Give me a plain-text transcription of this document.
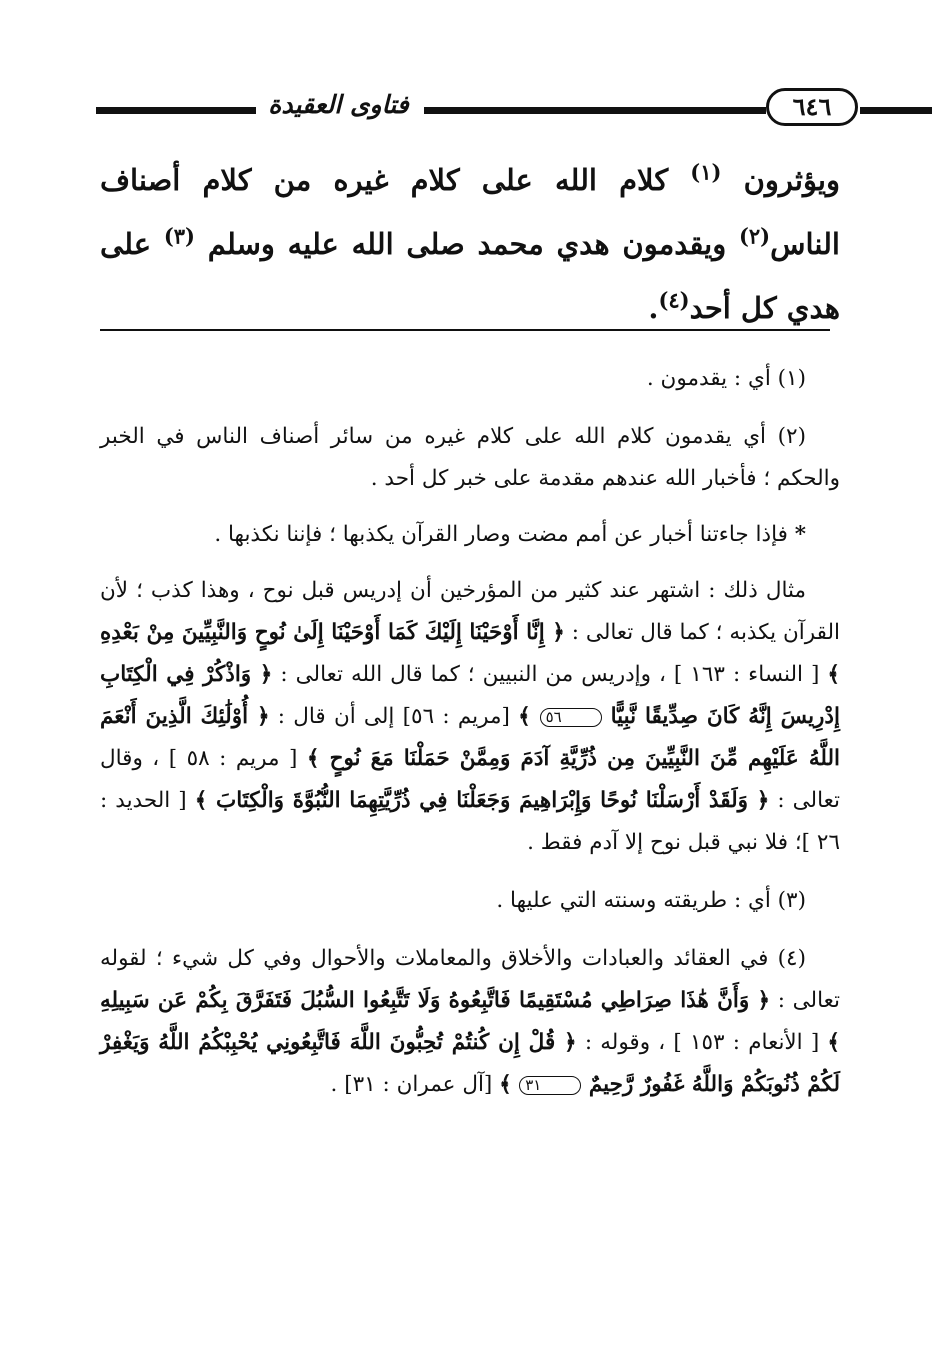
فتاوى العقيدة	٦٤٦
ويؤثرون $^{(١)}$ كلام الله على كلام غيره من كلام أصناف الناس$^{(٢)}$ ويقدمون هدي محمد صلى الله عليه وسلم $^{(٣)}$ على هدي كل أحد$^{(٤)}$.

(١) أي : يقدمون .

(٢) أي يقدمون كلام الله على كلام غيره من سائر أصناف الناس في الخبر والحكم ؛ فأخبار الله عندهم مقدمة على خبر كل أحد .

* فإذا جاءتنا أخبار عن أمم مضت وصار القرآن يكذبها ؛ فإننا نكذبها .

مثال ذلك : اشتهر عند كثير من المؤرخين أن إدريس قبل نوح ، وهذا كذب ؛ لأن القرآن يكذبه ؛ كما قال تعالى : ﴿ إِنَّا أَوْحَيْنَا إِلَيْكَ كَمَا أَوْحَيْنَا إِلَىٰ نُوحٍ وَالنَّبِيِّينَ مِنْ بَعْدِهِ ﴾ [ النساء : ١٦٣ ] ، وإدريس من النبيين ؛ كما قال الله تعالى : ﴿ وَاذْكُرْ فِي الْكِتَابِ إِدْرِيسَ إِنَّهُ كَانَ صِدِّيقًا نَّبِيًّا ٥٦ ﴾ [مريم : ٥٦] إلى أن قال : ﴿ أُوْلَٰئِكَ الَّذِينَ أَنْعَمَ اللَّهُ عَلَيْهِم مِّنَ النَّبِيِّينَ مِن ذُرِّيَّةِ آدَمَ وَمِمَّنْ حَمَلْنَا مَعَ نُوحٍ ﴾ [ مريم : ٥٨ ] ، وقال تعالى : ﴿ وَلَقَدْ أَرْسَلْنَا نُوحًا وَإِبْرَاهِيمَ وَجَعَلْنَا فِي ذُرِّيَّتِهِمَا النُّبُوَّةَ وَالْكِتَابَ ﴾ [ الحديد : ٢٦ ]؛ فلا نبي قبل نوح إلا آدم فقط .

(٣) أي : طريقته وسنته التي عليها .

(٤) في العقائد والعبادات والأخلاق والمعاملات والأحوال وفي كل شيء ؛ لقوله تعالى : ﴿ وَأَنَّ هَٰذَا صِرَاطِي مُسْتَقِيمًا فَاتَّبِعُوهُ وَلَا تَتَّبِعُوا السُّبُلَ فَتَفَرَّقَ بِكُمْ عَن سَبِيلِهِ ﴾ [ الأنعام : ١٥٣ ] ، وقوله : ﴿ قُلْ إِن كُنتُمْ تُحِبُّونَ اللَّهَ فَاتَّبِعُونِي يُحْبِبْكُمُ اللَّهُ وَيَغْفِرْ لَكُمْ ذُنُوبَكُمْ وَاللَّهُ غَفُورٌ رَّحِيمٌ ٣١ ﴾ [آل عمران : ٣١] .
